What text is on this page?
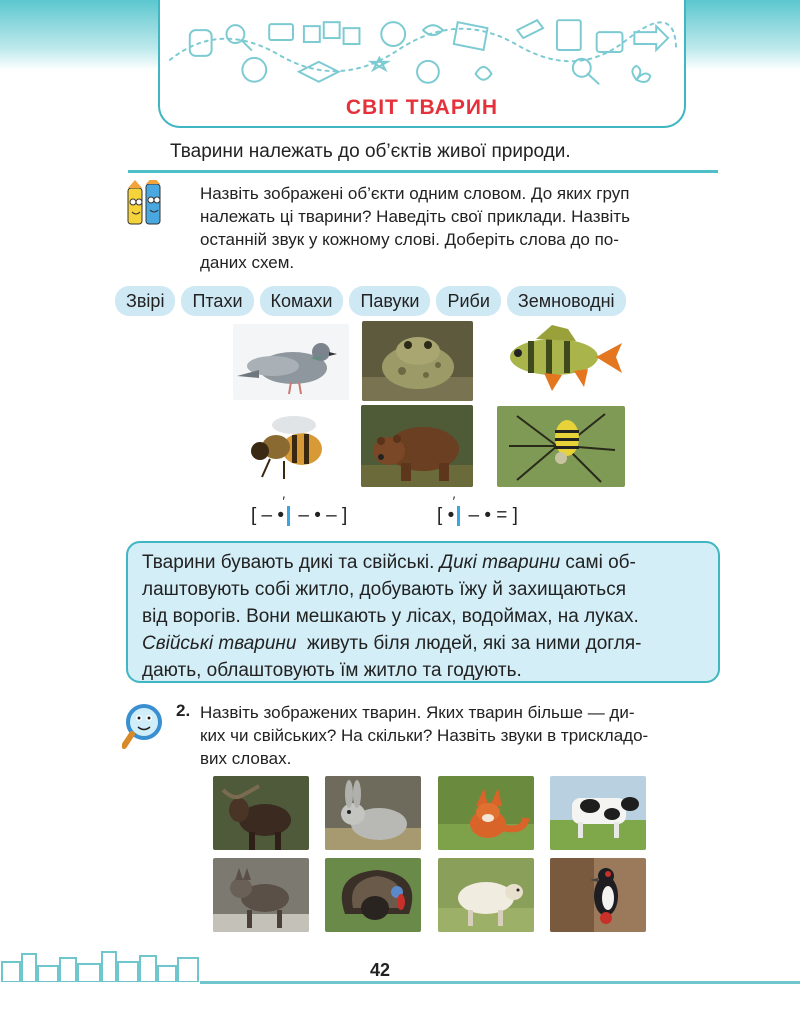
СВІТ ТВАРИН
Тварини належать до об’єктів живої природи.
Назвіть зображені об’єкти одним словом. До яких груп
належать ці тварини? Наведіть свої приклади. Назвіть
останній звук у кожному слові. Доберіть слова до по-
даних схем.
Звірі	Птахи	Комахи	Павуки	Риби	Земноводні
[ – ′ • – • – ]	[ ′ • – • = ]
Тварини бувають дикі та свійські. Дикі тварини самі об-
лаштовують собі житло, добувають їжу й захищаються
від ворогів. Вони мешкають у лісах, водоймах, на луках.
Свійські тварини  живуть біля людей, які за ними догля-
дають, облаштовують їм житло та годують.
2. Назвіть зображених тварин. Яких тварин більше — ди-
ких чи свійських? На скільки? Назвіть звуки в трискладо-
вих словах.
42
